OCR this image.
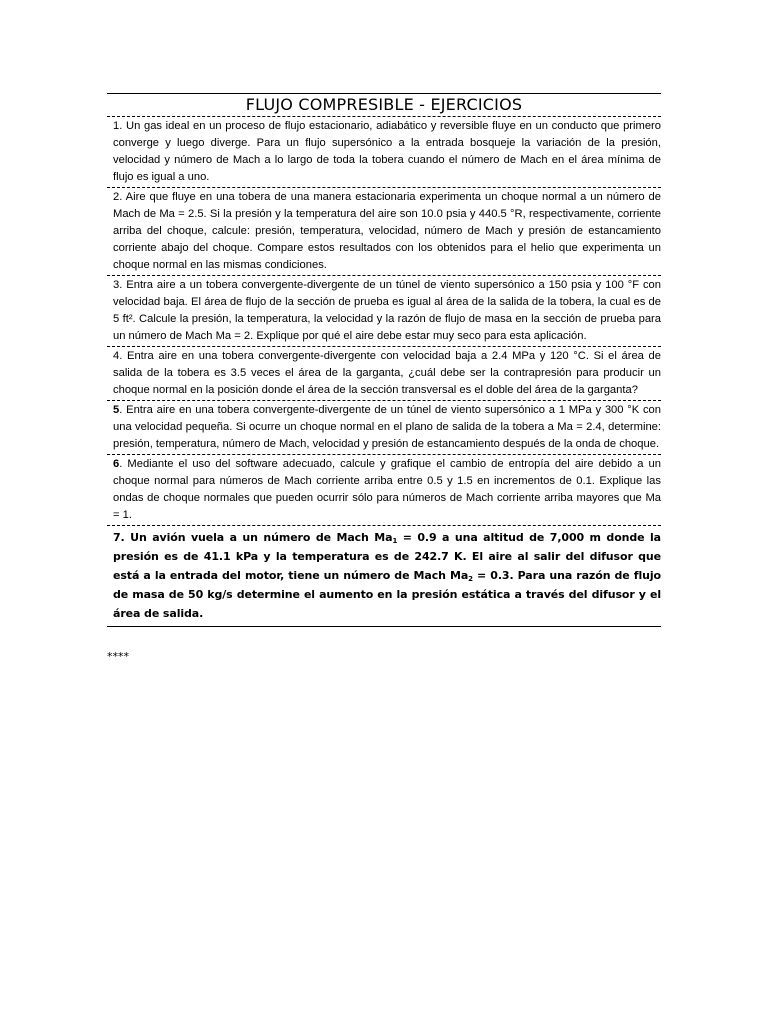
FLUJO COMPRESIBLE - EJERCICIOS
1. Un gas ideal en un proceso de flujo estacionario, adiabático y reversible fluye en un conducto que primero converge y luego diverge. Para un flujo supersónico a la entrada bosqueje la variación de la presión, velocidad y número de Mach a lo largo de toda la tobera cuando el número de Mach en el área mínima de flujo es igual a uno.
2. Aire que fluye en una tobera de una manera estacionaria experimenta un choque normal a un número de Mach de Ma = 2.5. Si la presión y la temperatura del aire son 10.0 psia y 440.5 °R, respectivamente, corriente arriba del choque, calcule: presión, temperatura, velocidad, número de Mach y presión de estancamiento corriente abajo del choque. Compare estos resultados con los obtenidos para el helio que experimenta un choque normal en las mismas condiciones.
3. Entra aire a un tobera convergente-divergente de un túnel de viento supersónico a 150 psia y 100 °F con velocidad baja. El área de flujo de la sección de prueba es igual al área de la salida de la tobera, la cual es de 5 ft². Calcule la presión, la temperatura, la velocidad y la razón de flujo de masa en la sección de prueba para un número de Mach Ma = 2. Explique por qué el aire debe estar muy seco para esta aplicación.
4. Entra aire en una tobera convergente-divergente con velocidad baja a 2.4 MPa y 120 °C. Si el área de salida de la tobera es 3.5 veces el área de la garganta, ¿cuál debe ser la contrapresión para producir un choque normal en la posición donde el área de la sección transversal es el doble del área de la garganta?
5. Entra aire en una tobera convergente-divergente de un túnel de viento supersónico a 1 MPa y 300 °K con una velocidad pequeña. Si ocurre un choque normal en el plano de salida de la tobera a Ma = 2.4, determine: presión, temperatura, número de Mach, velocidad y presión de estancamiento después de la onda de choque.
6. Mediante el uso del software adecuado, calcule y grafique el cambio de entropía del aire debido a un choque normal para números de Mach corriente arriba entre 0.5 y 1.5 en incrementos de 0.1. Explique las ondas de choque normales que pueden ocurrir sólo para números de Mach corriente arriba mayores que Ma = 1.
7. Un avión vuela a un número de Mach $Ma_1 = 0.9$ a una altitud de 7,000 m donde la presión es de 41.1 kPa y la temperatura es de 242.7 K. El aire al salir del difusor que está a la entrada del motor, tiene un número de Mach $Ma_2 = 0.3$. Para una razón de flujo de masa de 50 kg/s determine el aumento en la presión estática a través del difusor y el área de salida.
****
